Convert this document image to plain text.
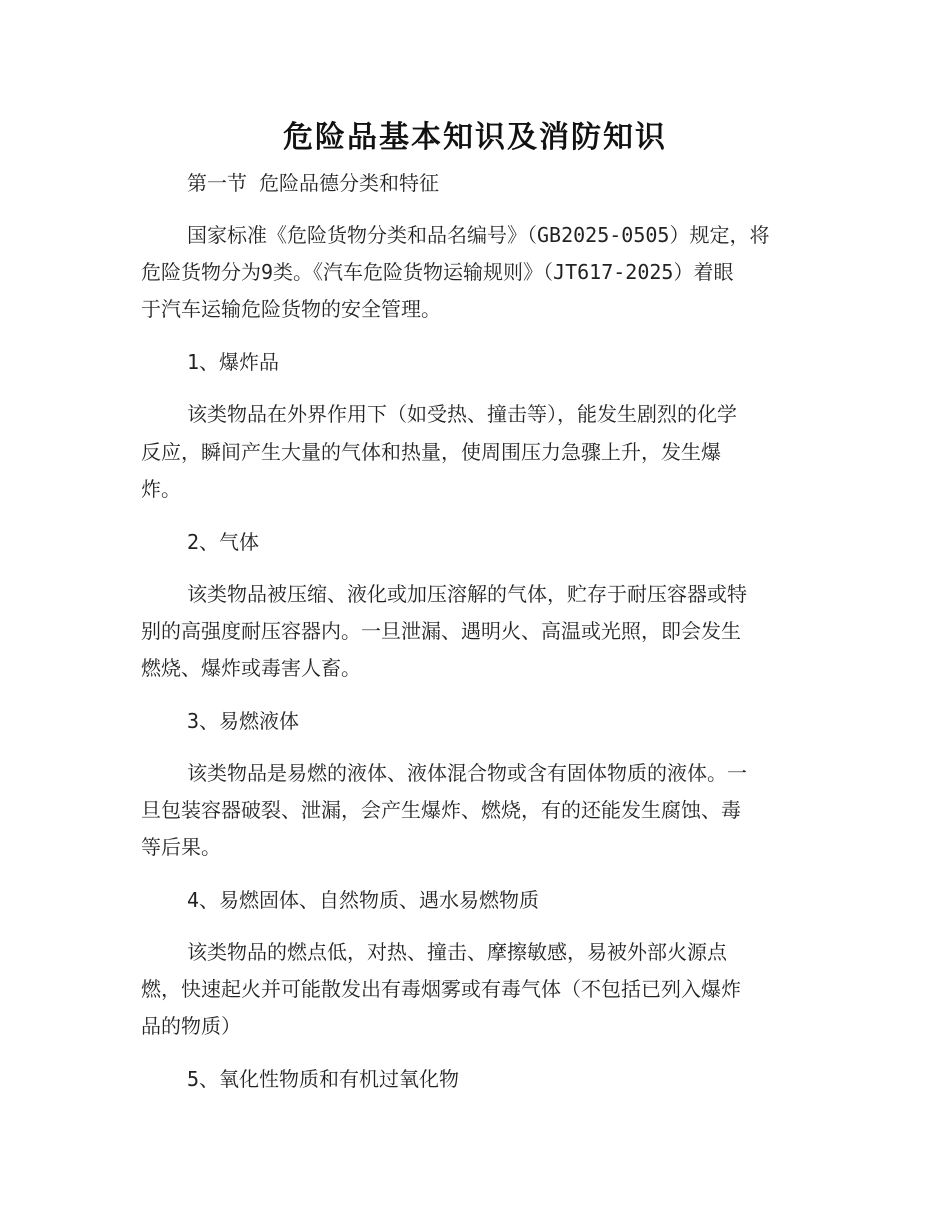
危险品基本知识及消防知识
第一节 危险品德分类和特征
国家标准《危险货物分类和品名编号》（GB2025-0505）规定，将
危险货物分为9类。《汽车危险货物运输规则》（JT617-2025）着眼
于汽车运输危险货物的安全管理。
1、爆炸品
该类物品在外界作用下（如受热、撞击等），能发生剧烈的化学
反应，瞬间产生大量的气体和热量，使周围压力急骤上升，发生爆
炸。
2、气体
该类物品被压缩、液化或加压溶解的气体，贮存于耐压容器或特
别的高强度耐压容器内。一旦泄漏、遇明火、高温或光照，即会发生
燃烧、爆炸或毒害人畜。
3、易燃液体
该类物品是易燃的液体、液体混合物或含有固体物质的液体。一
旦包装容器破裂、泄漏，会产生爆炸、燃烧，有的还能发生腐蚀、毒
等后果。
4、易燃固体、自然物质、遇水易燃物质
该类物品的燃点低，对热、撞击、摩擦敏感，易被外部火源点
燃，快速起火并可能散发出有毒烟雾或有毒气体（不包括已列入爆炸
品的物质）
5、氧化性物质和有机过氧化物
